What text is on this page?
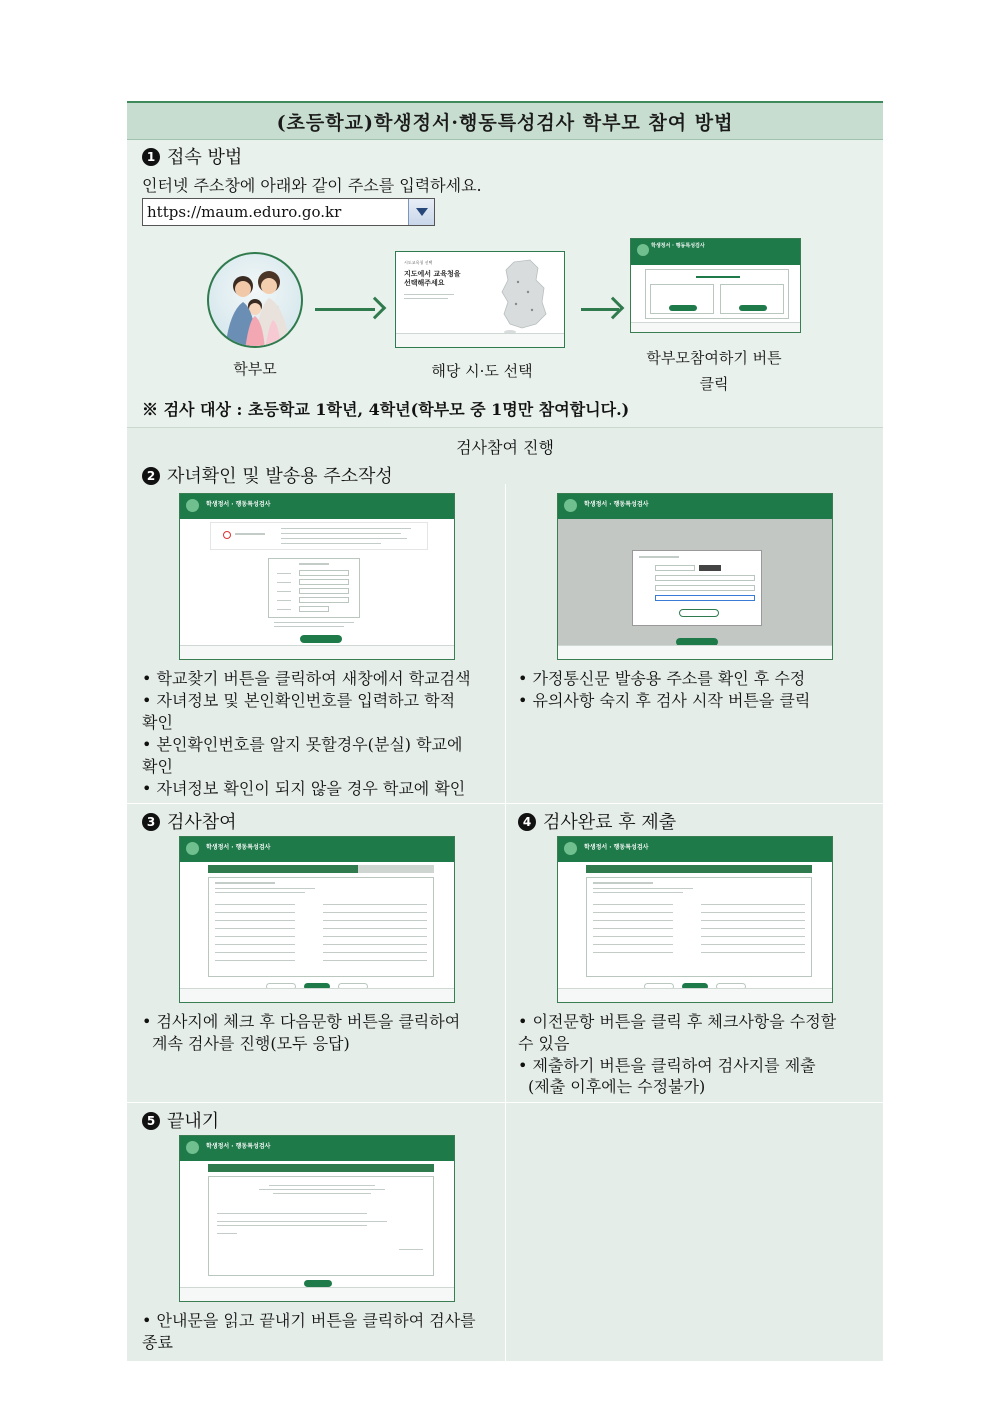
(초등학교)학생정서·행동특성검사 학부모 참여 방법
1 접속 방법
인터넷 주소창에 아래와 같이 주소를 입력하세요.
https://maum.eduro.go.kr
학부모
시도교육청 선택
지도에서 교육청을
선택해주세요
해당 시·도 선택
학생정서 · 행동특성검사
학부모참여하기 버튼
클릭
※ 검사 대상 : 초등학교 1학년, 4학년(학부모 중 1명만 참여합니다.)
검사참여 진행
2 자녀확인 및 발송용 주소작성
학생정서 · 행동특성검사	학생정서 · 행동특성검사
• 학교찾기 버튼을 클릭하여 새창에서 학교검색
• 자녀정보 및 본인확인번호를 입력하고 학적
확인
• 본인확인번호를 알지 못할경우(분실) 학교에
확인
• 자녀정보 확인이 되지 않을 경우 학교에 확인
• 가정통신문 발송용 주소를 확인 후 수정
• 유의사항 숙지 후 검사 시작 버튼을 클릭
3 검사참여
학생정서 · 행동특성검사
• 검사지에 체크 후 다음문항 버튼을 클릭하여
계속 검사를 진행(모두 응답)
4 검사완료 후 제출
학생정서 · 행동특성검사
• 이전문항 버튼을 클릭 후 체크사항을 수정할
수 있음
• 제출하기 버튼을 클릭하여 검사지를 제출
(제출 이후에는 수정불가)
5 끝내기
학생정서 · 행동특성검사
• 안내문을 읽고 끝내기 버튼을 클릭하여 검사를
종료
